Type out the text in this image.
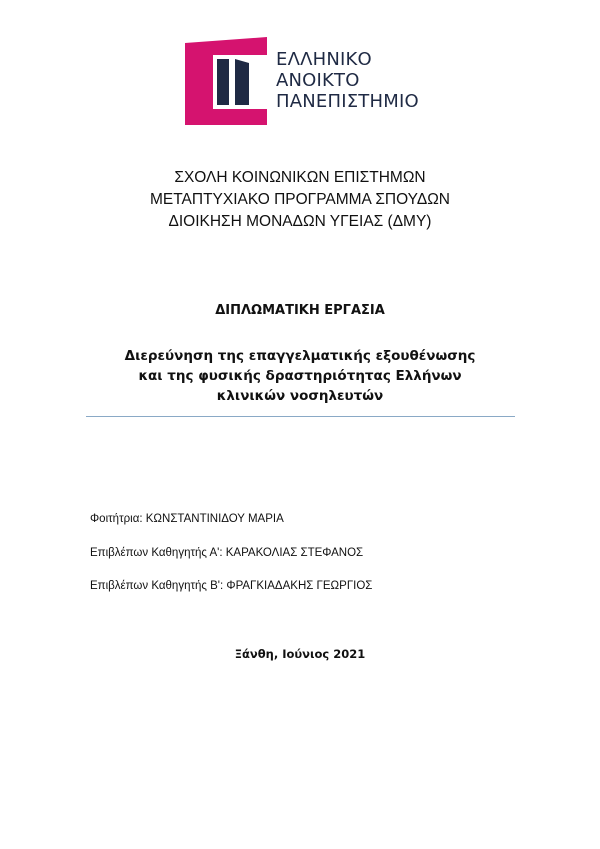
ΕΛΛΗΝΙΚΟ
ΑΝΟΙΚΤΟ
ΠΑΝΕΠΙΣΤΗΜΙΟ
ΣΧΟΛΗ ΚΟΙΝΩΝΙΚΩΝ ΕΠΙΣΤΗΜΩΝ
ΜΕΤΑΠΤΥΧΙΑΚΟ ΠΡΟΓΡΑΜΜΑ ΣΠΟΥΔΩΝ
ΔΙΟΙΚΗΣΗ ΜΟΝΑΔΩΝ ΥΓΕΙΑΣ (ΔΜΥ)
ΔΙΠΛΩΜΑΤΙΚΗ ΕΡΓΑΣΙΑ
Διερεύνηση της επαγγελματικής εξουθένωσης
και της φυσικής δραστηριότητας Ελλήνων
κλινικών νοσηλευτών
Φοιτήτρια: ΚΩΝΣΤΑΝΤΙΝΙΔΟΥ ΜΑΡΙΑ
Επιβλέπων Καθηγητής Α': ΚΑΡΑΚΟΛΙΑΣ ΣΤΕΦΑΝΟΣ
Επιβλέπων Καθηγητής Β': ΦΡΑΓΚΙΑΔΑΚΗΣ ΓΕΩΡΓΙΟΣ
Ξάνθη, Ιούνιος 2021
